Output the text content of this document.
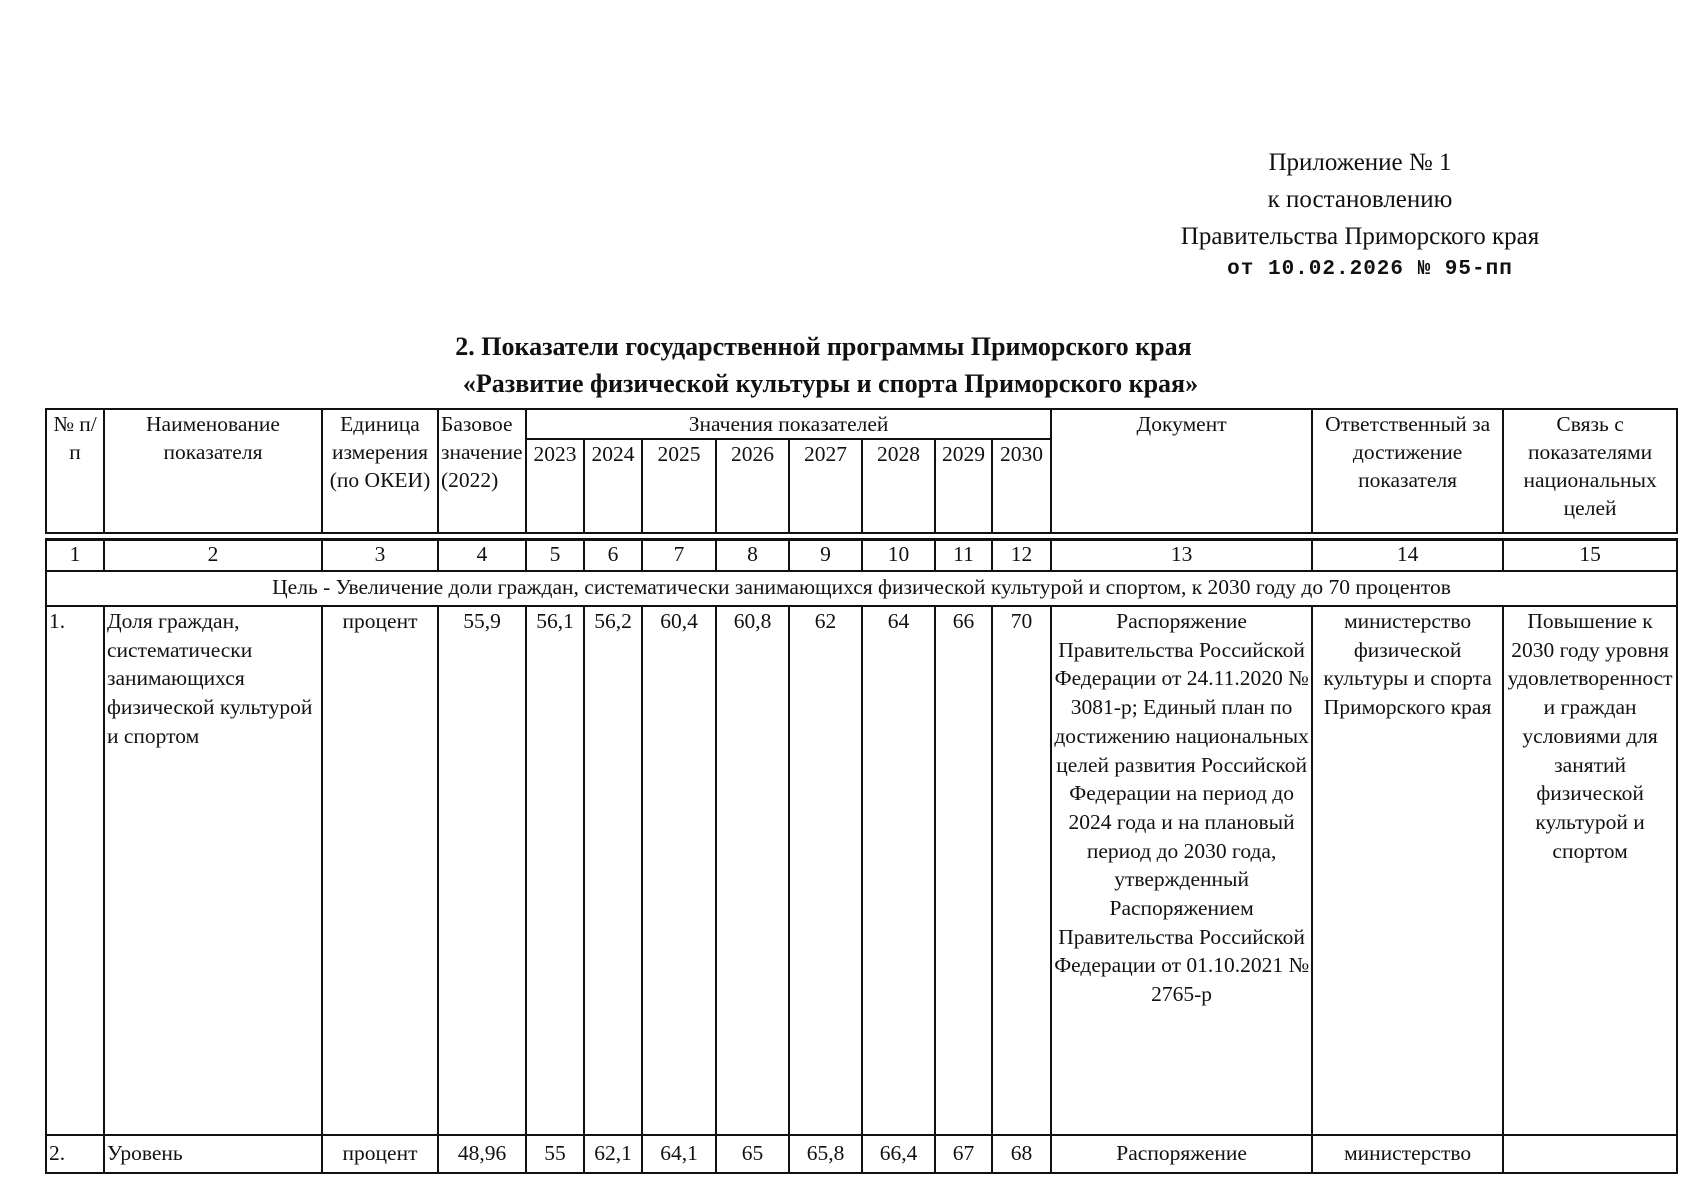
Приложение № 1
к постановлению
Правительства Приморского края
от 10.02.2026 № 95-пп
2. Показатели государственной программы Приморского края
«Развитие физической культуры и спорта Приморского края»
№ п/п	Наименование показателя	Единица измерения (по ОКЕИ)	Базовое значение (2022)	Значения показателей								Документ	Ответственный за достижение показателя	Связь с показателями национальных целей
				2023	2024	2025	2026	2027	2028	2029	2030			

1	2	3	4	5	6	7	8	9	10	11	12	13	14	15
Цель - Увеличение доли граждан, систематически занимающихся физической культурой и спортом, к 2030 году до 70 процентов														
1.	Доля граждан, систематически занимающихся физической культурой и спортом	процент	55,9	56,1	56,2	60,4	60,8	62	64	66	70	Распоряжение Правительства Российской Федерации от 24.11.2020 № 3081-р; Единый план по достижению национальных целей развития Российской Федерации на период до 2024 года и на плановый период до 2030 года, утвержденный Распоряжением Правительства Российской Федерации от 01.10.2021 № 2765-р	министерство физической культуры и спорта Приморского края	Повышение к 2030 году уровня удовлетворенности граждан условиями для занятий физической культурой и спортом
2.	Уровень	процент	48,96	55	62,1	64,1	65	65,8	66,4	67	68	Распоряжение	министерство	
